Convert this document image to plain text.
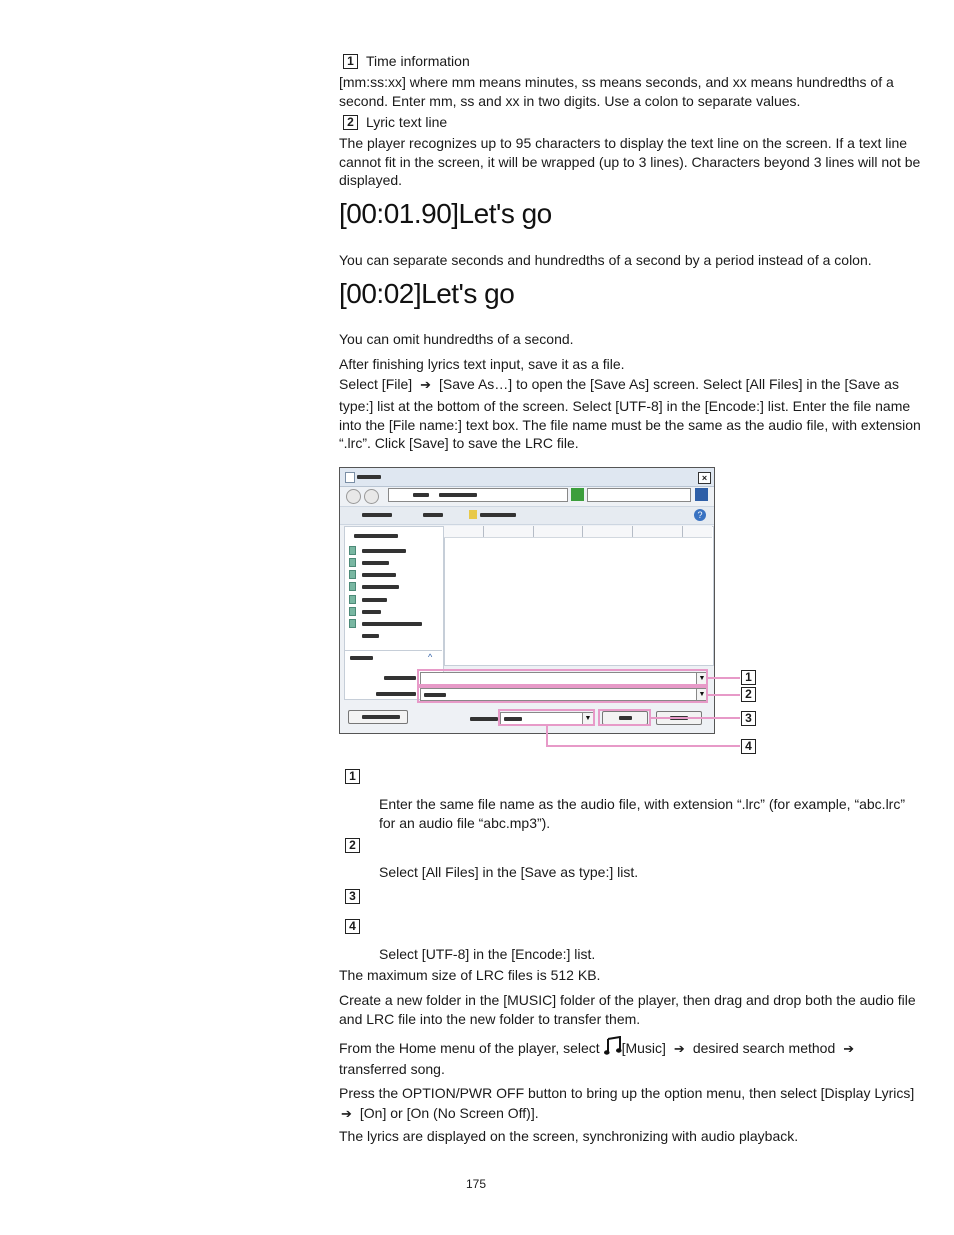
1 Time information
[mm:ss:xx] where mm means minutes, ss means seconds, and xx means hundredths of a second. Enter mm, ss and xx in two digits. Use a colon to separate values.
2 Lyric text line
The player recognizes up to 95 characters to display the text line on the screen. If a text line cannot fit in the screen, it will be wrapped (up to 3 lines). Characters beyond 3 lines will not be displayed.
[00:01.90]Let's go
You can separate seconds and hundredths of a second by a period instead of a colon.
[00:02]Let's go
You can omit hundredths of a second.
After finishing lyrics text input, save it as a file.
Select [File] ➔ [Save As…] to open the [Save As] screen. Select [All Files] in the [Save as
type:] list at the bottom of the screen. Select [UTF-8] in the [Encode:] list. Enter the file name into the [File name:] text box. The file name must be the same as the audio file, with extension “.lrc”. Click [Save] to save the LRC file.
×
?
^
▼
▼
▼
1
2
3
4
1
Enter the same file name as the audio file, with extension “.lrc” (for example, “abc.lrc” for an audio file “abc.mp3”).
2
Select [All Files] in the [Save as type:] list.
3
4
Select [UTF-8] in the [Encode:] list.
The maximum size of LRC files is 512 KB.
Create a new folder in the [MUSIC] folder of the player, then drag and drop both the audio file and LRC file into the new folder to transfer them.
From the Home menu of the player, select [Music] ➔ desired search method ➔
transferred song.
Press the OPTION/PWR OFF button to bring up the option menu, then select [Display Lyrics]
➔ [On] or [On (No Screen Off)].
The lyrics are displayed on the screen, synchronizing with audio playback.
175
